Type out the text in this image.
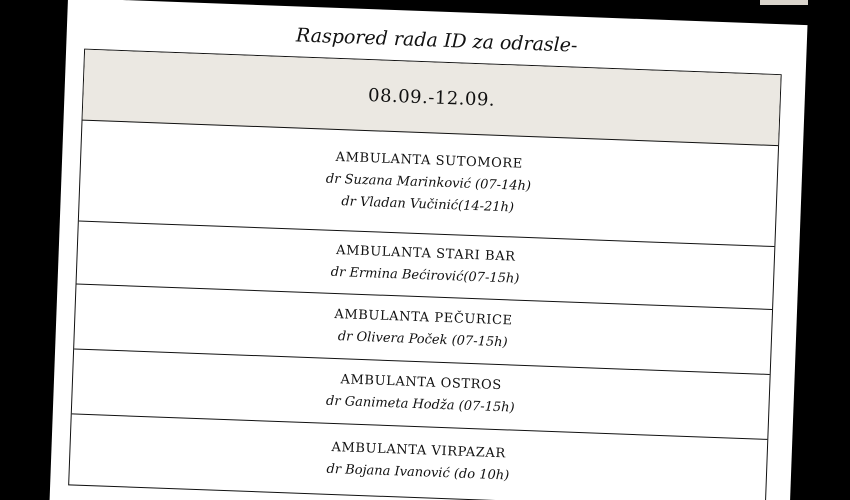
Raspored rada ID za odrasle-
08.09.-12.09.
AMBULANTA SUTOMORE
dr Suzana Marinković (07-14h)
dr Vladan Vučinić(14-21h)
AMBULANTA STARI BAR
dr Ermina Bećirović(07-15h)
AMBULANTA PEČURICE
dr Olivera Poček (07-15h)
AMBULANTA OSTROS
dr Ganimeta Hodža (07-15h)
AMBULANTA VIRPAZAR
dr Bojana Ivanović (do 10h)
